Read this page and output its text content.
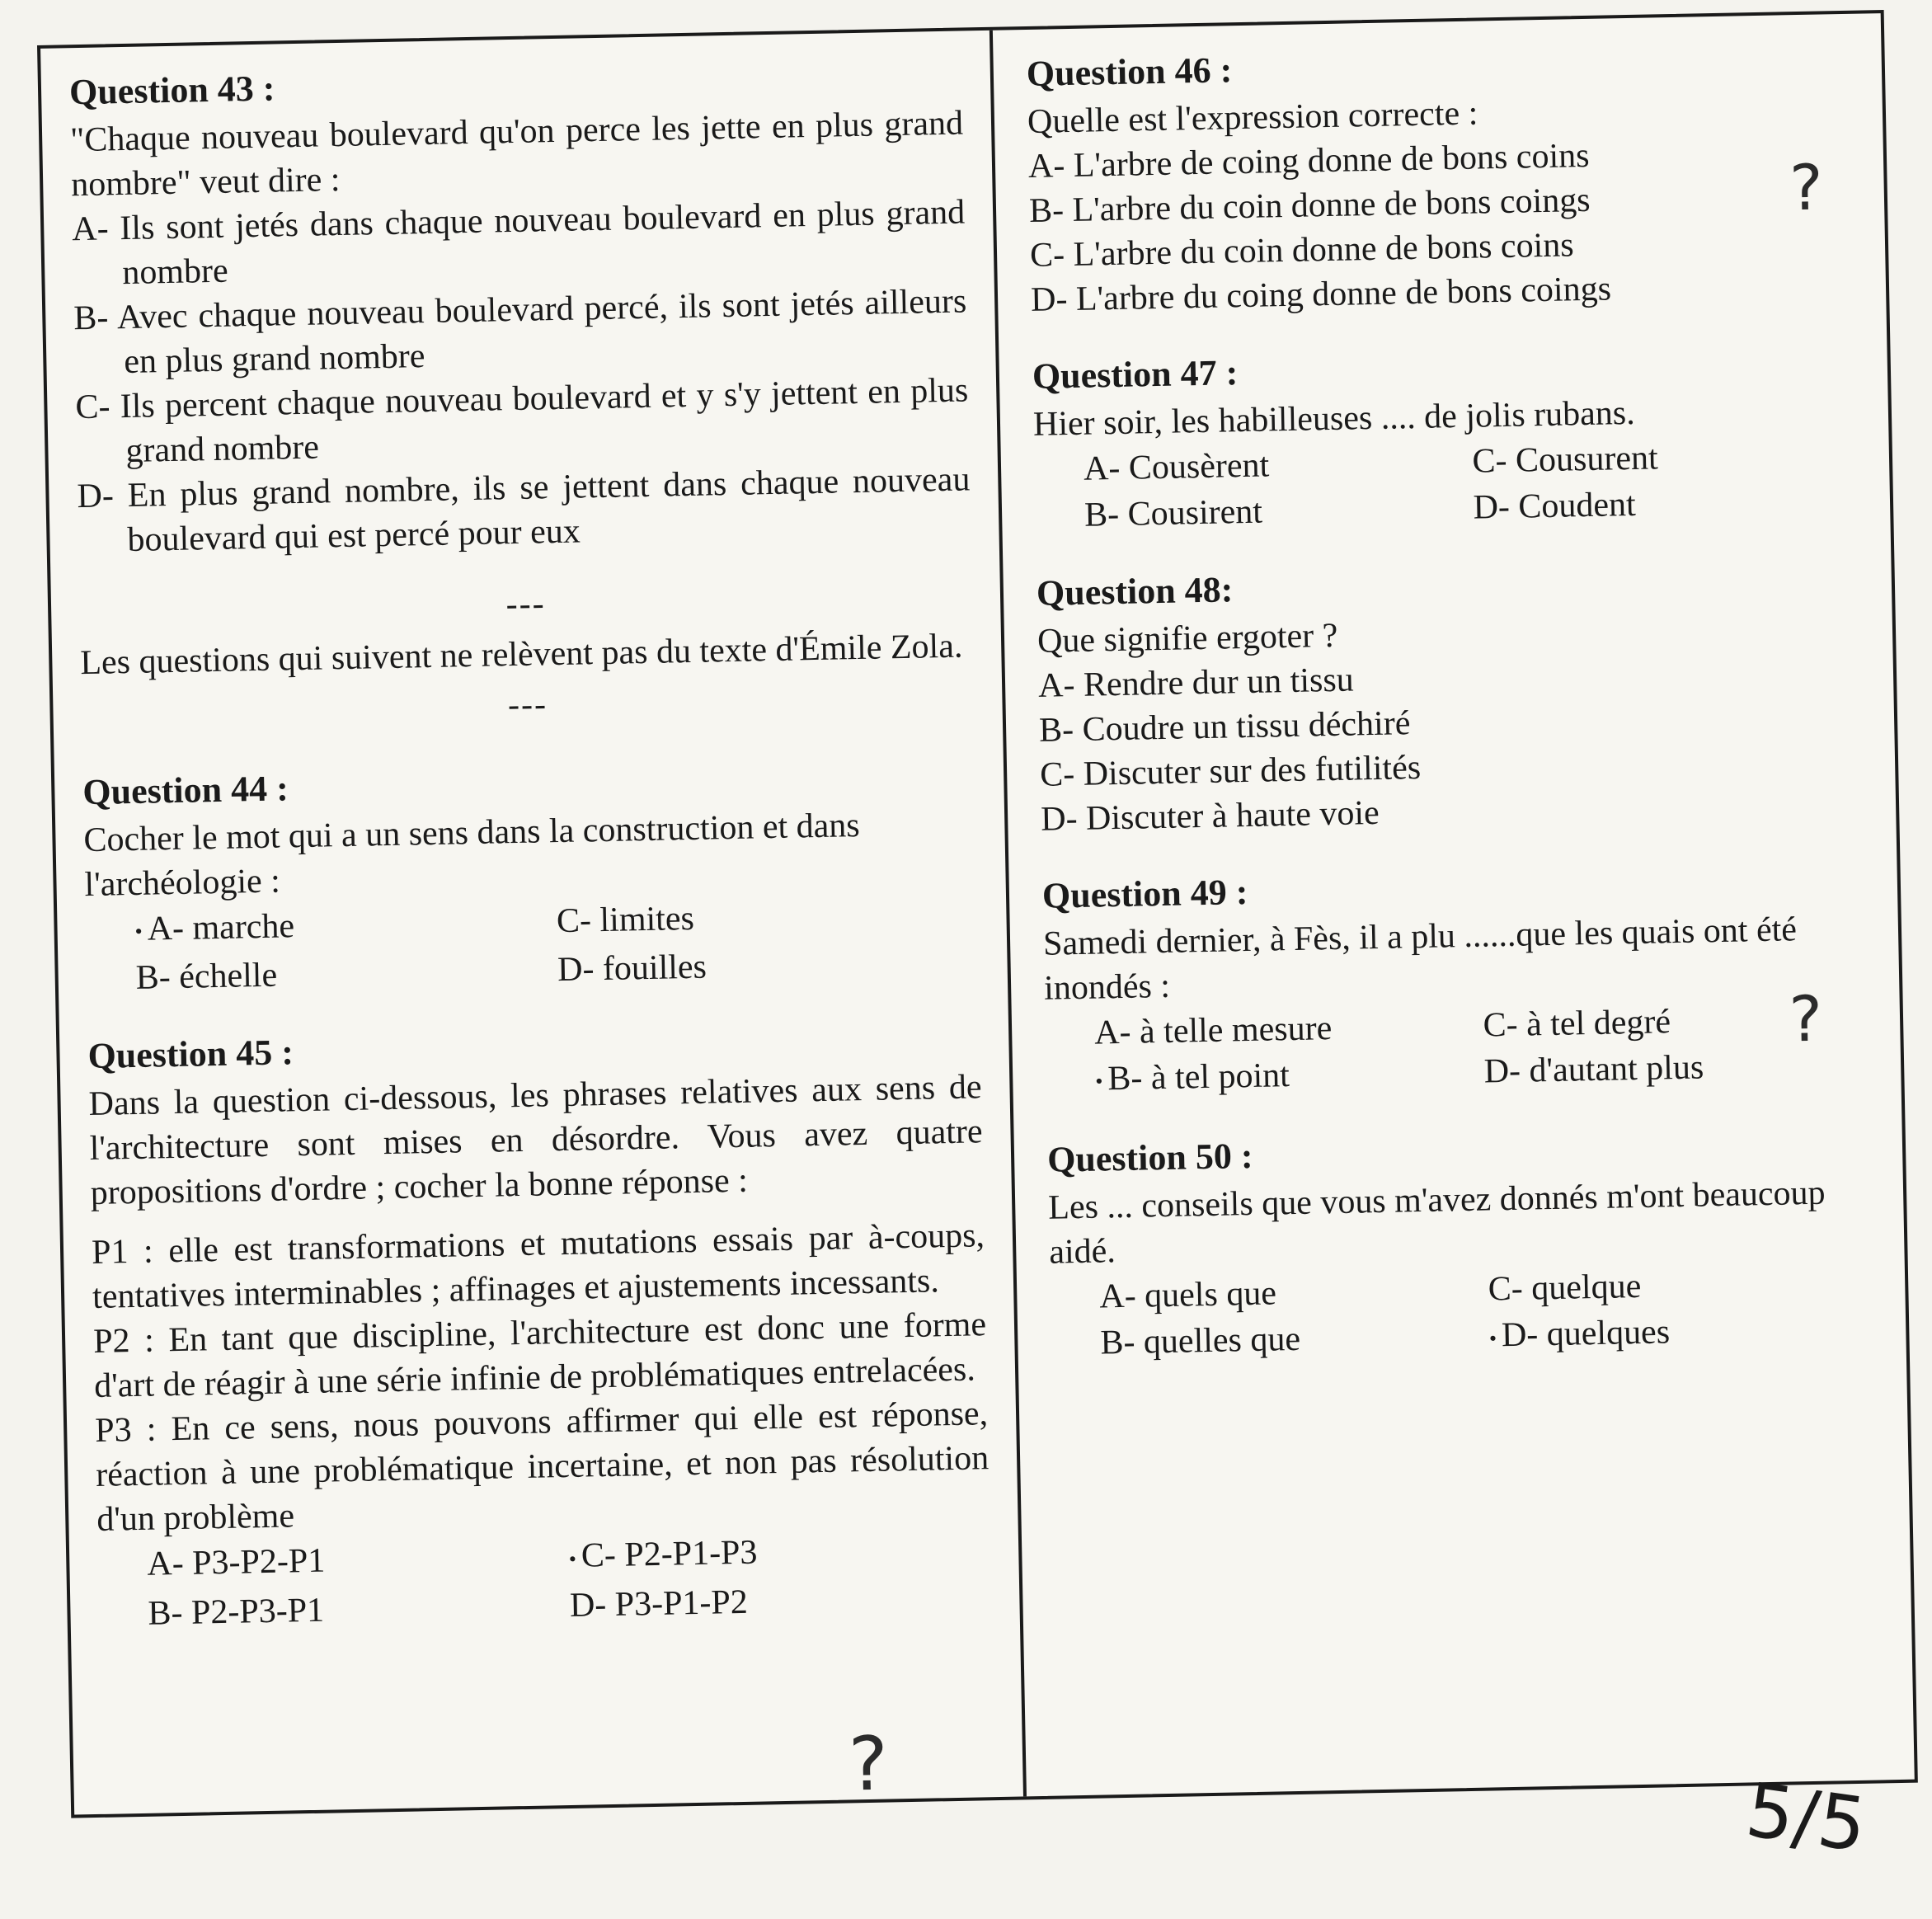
Question 43 :

"Chaque nouveau boulevard qu'on perce les jette en plus grand nombre" veut dire :

A- Ils sont jetés dans chaque nouveau boulevard en plus grand nombre
B- Avec chaque nouveau boulevard percé, ils sont jetés ailleurs en plus grand nombre
C- Ils percent chaque nouveau boulevard et y s'y jettent en plus grand nombre
D- En plus grand nombre, ils se jettent dans chaque nouveau boulevard qui est percé pour eux
---

Les questions qui suivent ne relèvent pas du texte d'Émile Zola.

---
Question 44 :

Cocher le mot qui a un sens dans la construction et dans l'archéologie :

• A- marche	C- limites
B- échelle	D- fouilles
Question 45 :

Dans la question ci-dessous, les phrases relatives aux sens de l'architecture sont mises en désordre. Vous avez quatre propositions d'ordre ; cocher la bonne réponse :

P1 : elle est transformations et mutations essais par à-coups, tentatives interminables ; affinages et ajustements incessants.

P2 : En tant que discipline, l'architecture est donc une forme d'art de réagir à une série infinie de problématiques entrelacées.

P3 : En ce sens, nous pouvons affirmer qui elle est réponse, réaction à une problématique incertaine, et non pas résolution d'un problème

A- P3-P2-P1	• C- P2-P1-P3
B- P2-P3-P1	D- P3-P1-P2
?
Question 46 :

Quelle est l'expression correcte :

A- L'arbre de coing donne de bons coins
B- L'arbre du coin donne de bons coings	?
C- L'arbre du coin donne de bons coins
D- L'arbre du coing donne de bons coings
Question 47 :

Hier soir, les habilleuses .... de jolis rubans.

A- Cousèrent	C- Cousurent
B- Cousirent	D- Coudent
Question 48:

Que signifie ergoter ?

A- Rendre dur un tissu
B- Coudre un tissu déchiré
C- Discuter sur des futilités
D- Discuter à haute voie
Question 49 :

Samedi dernier, à Fès, il a plu ......que les quais ont été inondés :

A- à telle mesure	C- à tel degré
• B- à tel point	D- d'autant plus
?
Question 50 :

Les ... conseils que vous m'avez donnés m'ont beaucoup aidé.

A- quels que	C- quelque
B- quelles que	• D- quelques
5/5
